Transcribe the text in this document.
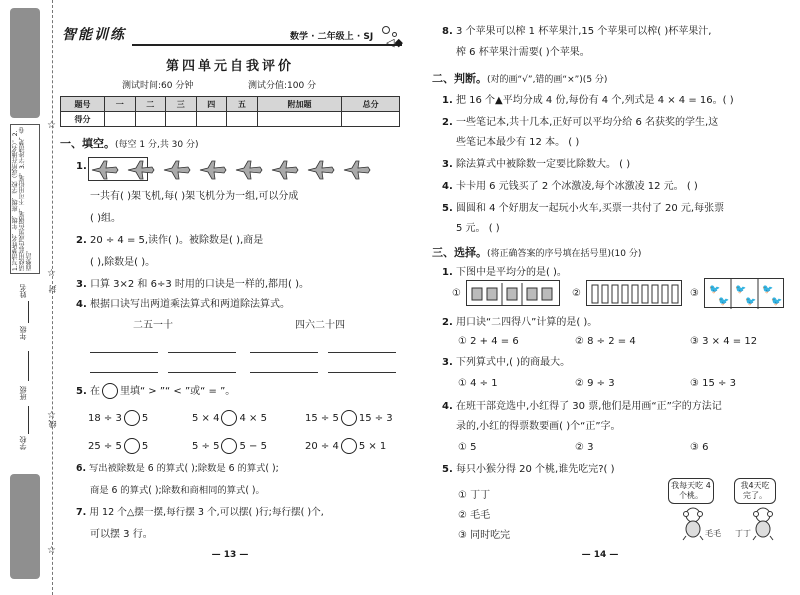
1.写清楚姓名、年级、班级、学校（或所在地名）。2.请使用蓝色或黑色钢笔，不可用铅笔。3.字迹清楚，卷面整洁。
学校
班级
年级
姓名
☆
☆
☆
☆
封
线
智能训练	数学 · 二年级上 · SJ ◁◆
第四单元自我评价
测试时间:60 分钟	测试分值:100 分
题号	一	二	三	四	五	附加题	总分
得分							
一、填空。(每空 1 分,共 30 分)
1.
一共有( )架飞机,每( )架飞机分为一组,可以分成
( )组。
2. 20 ÷ 4 = 5,读作( )。被除数是( ),商是
( ),除数是( )。
3. 口算 3×2 和 6÷3 时用的口诀是一样的,都用( )。
4. 根据口诀写出两道乘法算式和两道除法算式。
二五一十	四六二十四
5. 在 里填“ > ”“ < ”或“ = ”。
18 ÷ 3 5	5 × 4 4 × 5	15 ÷ 5 15 ÷ 3
25 ÷ 5 5	5 ÷ 5 5 − 5	20 ÷ 4 5 × 1
6. 写出被除数是 6 的算式( );除数是 6 的算式( );
商是 6 的算式( );除数和商相同的算式( )。
7. 用 12 个△摆一摆,每行摆 3 个,可以摆( )行;每行摆( )个,
可以摆 3 行。
— 13 —
8. 3 个苹果可以榨 1 杯苹果汁,15 个苹果可以榨( )杯苹果汁,
榨 6 杯苹果汁需要( )个苹果。
二、判断。(对的画“√”,错的画“×”)(5 分)
1. 把 16 个▲平均分成 4 份,每份有 4 个,列式是 4 × 4 = 16。( )
2. 一些笔记本,共十几本,正好可以平均分给 6 名获奖的学生,这
些笔记本最少有 12 本。 ( )
3. 除法算式中被除数一定要比除数大。 ( )
4. 卡卡用 6 元钱买了 2 个冰激凌,每个冰激凌 12 元。 ( )
5. 圆圆和 4 个好朋友一起玩小火车,买票一共付了 20 元,每张票
5 元。 ( )
三、选择。(将正确答案的序号填在括号里)(10 分)
1. 下图中是平均分的是( )。
①	②	③ 🐦
🐦
🐦
🐦
🐦
🐦
2. 用口诀“二四得八”计算的是( )。
① 2 + 4 = 6	② 8 ÷ 2 = 4	③ 3 × 4 = 12
3. 下列算式中,( )的商最大。
① 4 ÷ 1	② 9 ÷ 3	③ 15 ÷ 3
4. 在班干部竞选中,小红得了 30 票,他们是用画“正”字的方法记
录的,小红的得票数要画( )个“正”字。
① 5	② 3	③ 6
5. 每只小猴分得 20 个桃,谁先吃完?( )
① 丁丁
② 毛毛
③ 同时吃完
我每天吃 4个桃。
我4天吃 完了。
毛毛 丁丁
— 14 —
